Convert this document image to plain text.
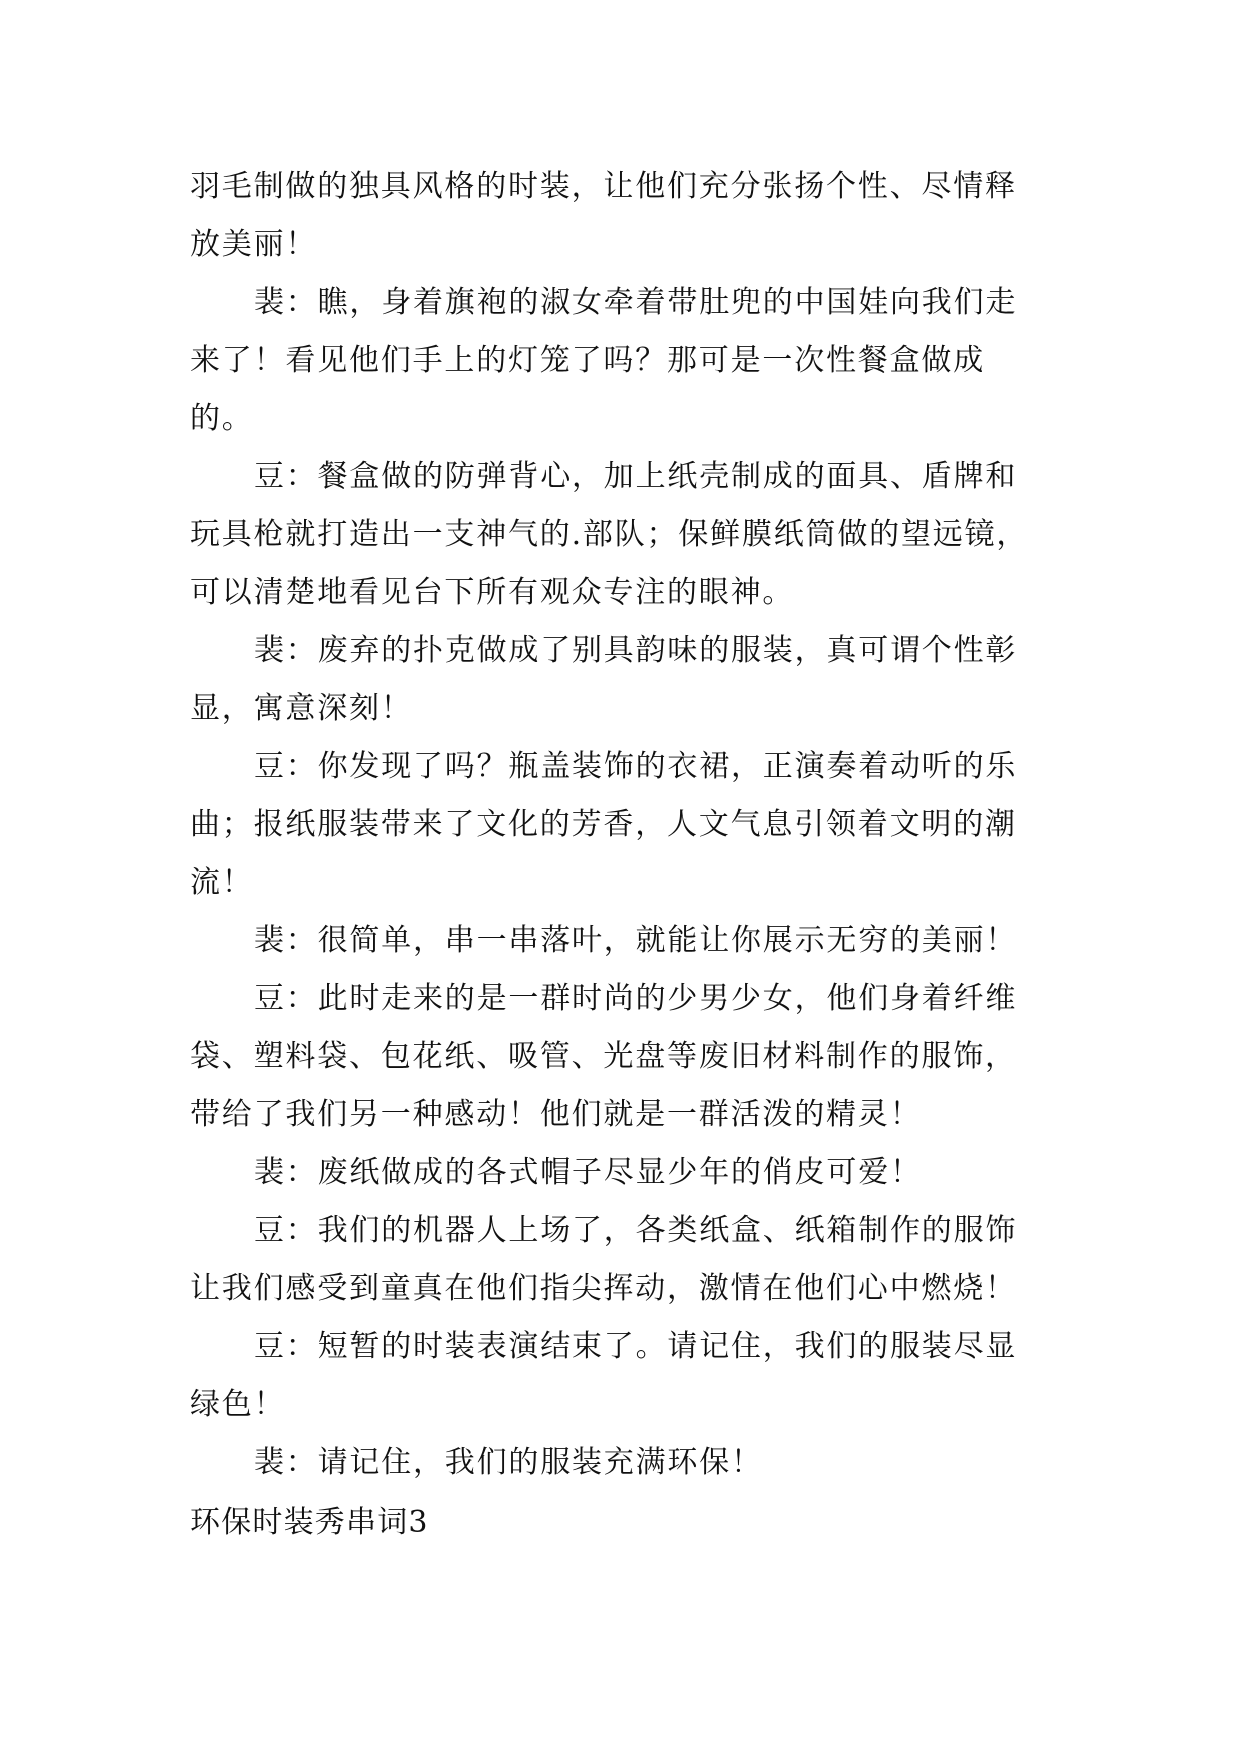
羽毛制做的独具风格的时装，让他们充分张扬个性、尽情释
放美丽！
裴：瞧，身着旗袍的淑女牵着带肚兜的中国娃向我们走
来了！看见他们手上的灯笼了吗？那可是一次性餐盒做成
的。
豆：餐盒做的防弹背心，加上纸壳制成的面具、盾牌和
玩具枪就打造出一支神气的.部队；保鲜膜纸筒做的望远镜，
可以清楚地看见台下所有观众专注的眼神。
裴：废弃的扑克做成了别具韵味的服装，真可谓个性彰
显，寓意深刻！
豆：你发现了吗？瓶盖装饰的衣裙，正演奏着动听的乐
曲；报纸服装带来了文化的芳香，人文气息引领着文明的潮
流！
裴：很简单，串一串落叶，就能让你展示无穷的美丽！
豆：此时走来的是一群时尚的少男少女，他们身着纤维
袋、塑料袋、包花纸、吸管、光盘等废旧材料制作的服饰，
带给了我们另一种感动！他们就是一群活泼的精灵！
裴：废纸做成的各式帽子尽显少年的俏皮可爱！
豆：我们的机器人上场了，各类纸盒、纸箱制作的服饰
让我们感受到童真在他们指尖挥动，激情在他们心中燃烧！
豆：短暂的时装表演结束了。请记住，我们的服装尽显
绿色！
裴：请记住，我们的服装充满环保！
环保时装秀串词3
